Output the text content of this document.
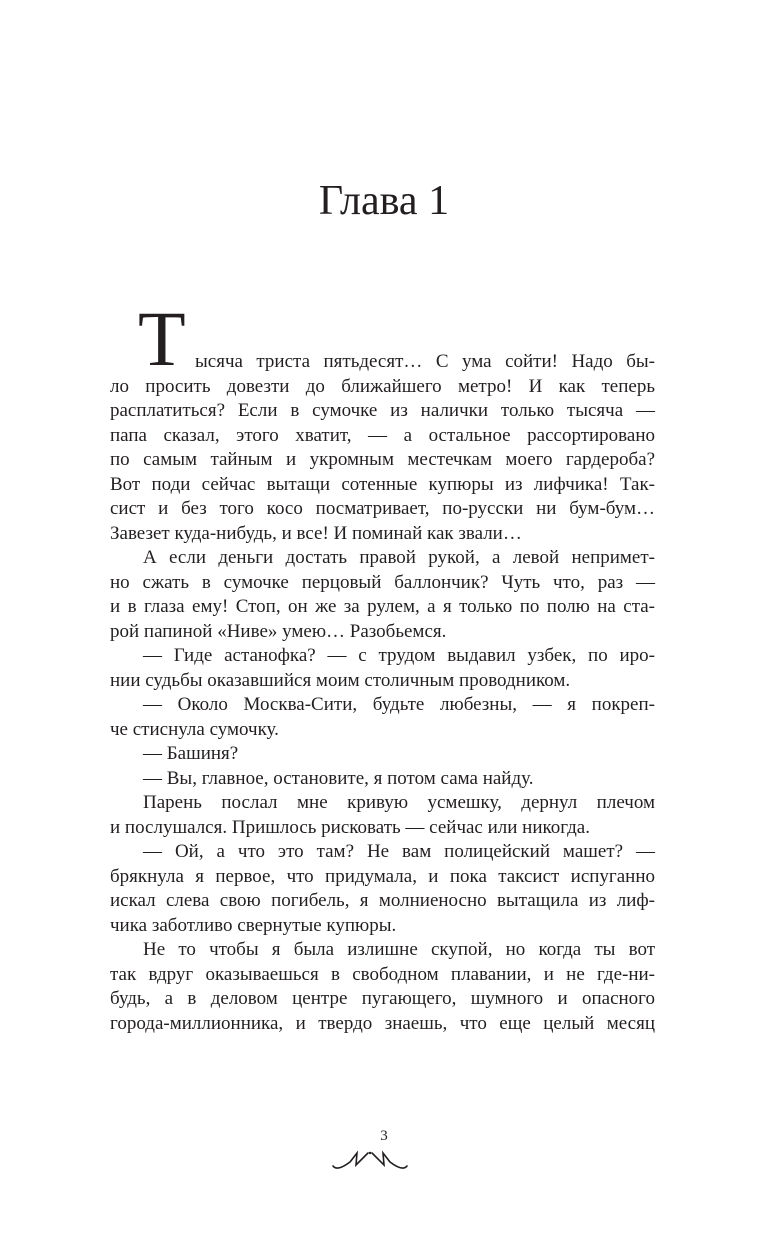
Глава 1
Т ысяча триста пятьдесят… С ума сойти! Надо бы-
ло просить довезти до ближайшего метро! И как теперь
расплатиться? Если в сумочке из налички только тысяча —
папа сказал, этого хватит, — а остальное рассортировано
по самым тайным и укромным местечкам моего гардероба?
Вот поди сейчас вытащи сотенные купюры из лифчика! Так-
сист и без того косо посматривает, по-русски ни бум-бум…
Завезет куда-нибудь, и все! И поминай как звали…
А если деньги достать правой рукой, а левой непримет-
но сжать в сумочке перцовый баллончик? Чуть что, раз —
и в глаза ему! Стоп, он же за рулем, а я только по полю на ста-
рой папиной «Ниве» умею… Разобьемся.
— Гиде астанофка? — с трудом выдавил узбек, по иро-
нии судьбы оказавшийся моим столичным проводником.
— Около Москва-Сити, будьте любезны, — я покреп-
че стиснула сумочку.
— Башиня?
— Вы, главное, остановите, я потом сама найду.
Парень послал мне кривую усмешку, дернул плечом
и послушался. Пришлось рисковать — сейчас или никогда.
— Ой, а что это там? Не вам полицейский машет? —
брякнула я первое, что придумала, и пока таксист испуганно
искал слева свою погибель, я молниеносно вытащила из лиф-
чика заботливо свернутые купюры.
Не то чтобы я была излишне скупой, но когда ты вот
так вдруг оказываешься в свободном плавании, и не где-ни-
будь, а в деловом центре пугающего, шумного и опасного
города-миллионника, и твердо знаешь, что еще целый месяц
3
